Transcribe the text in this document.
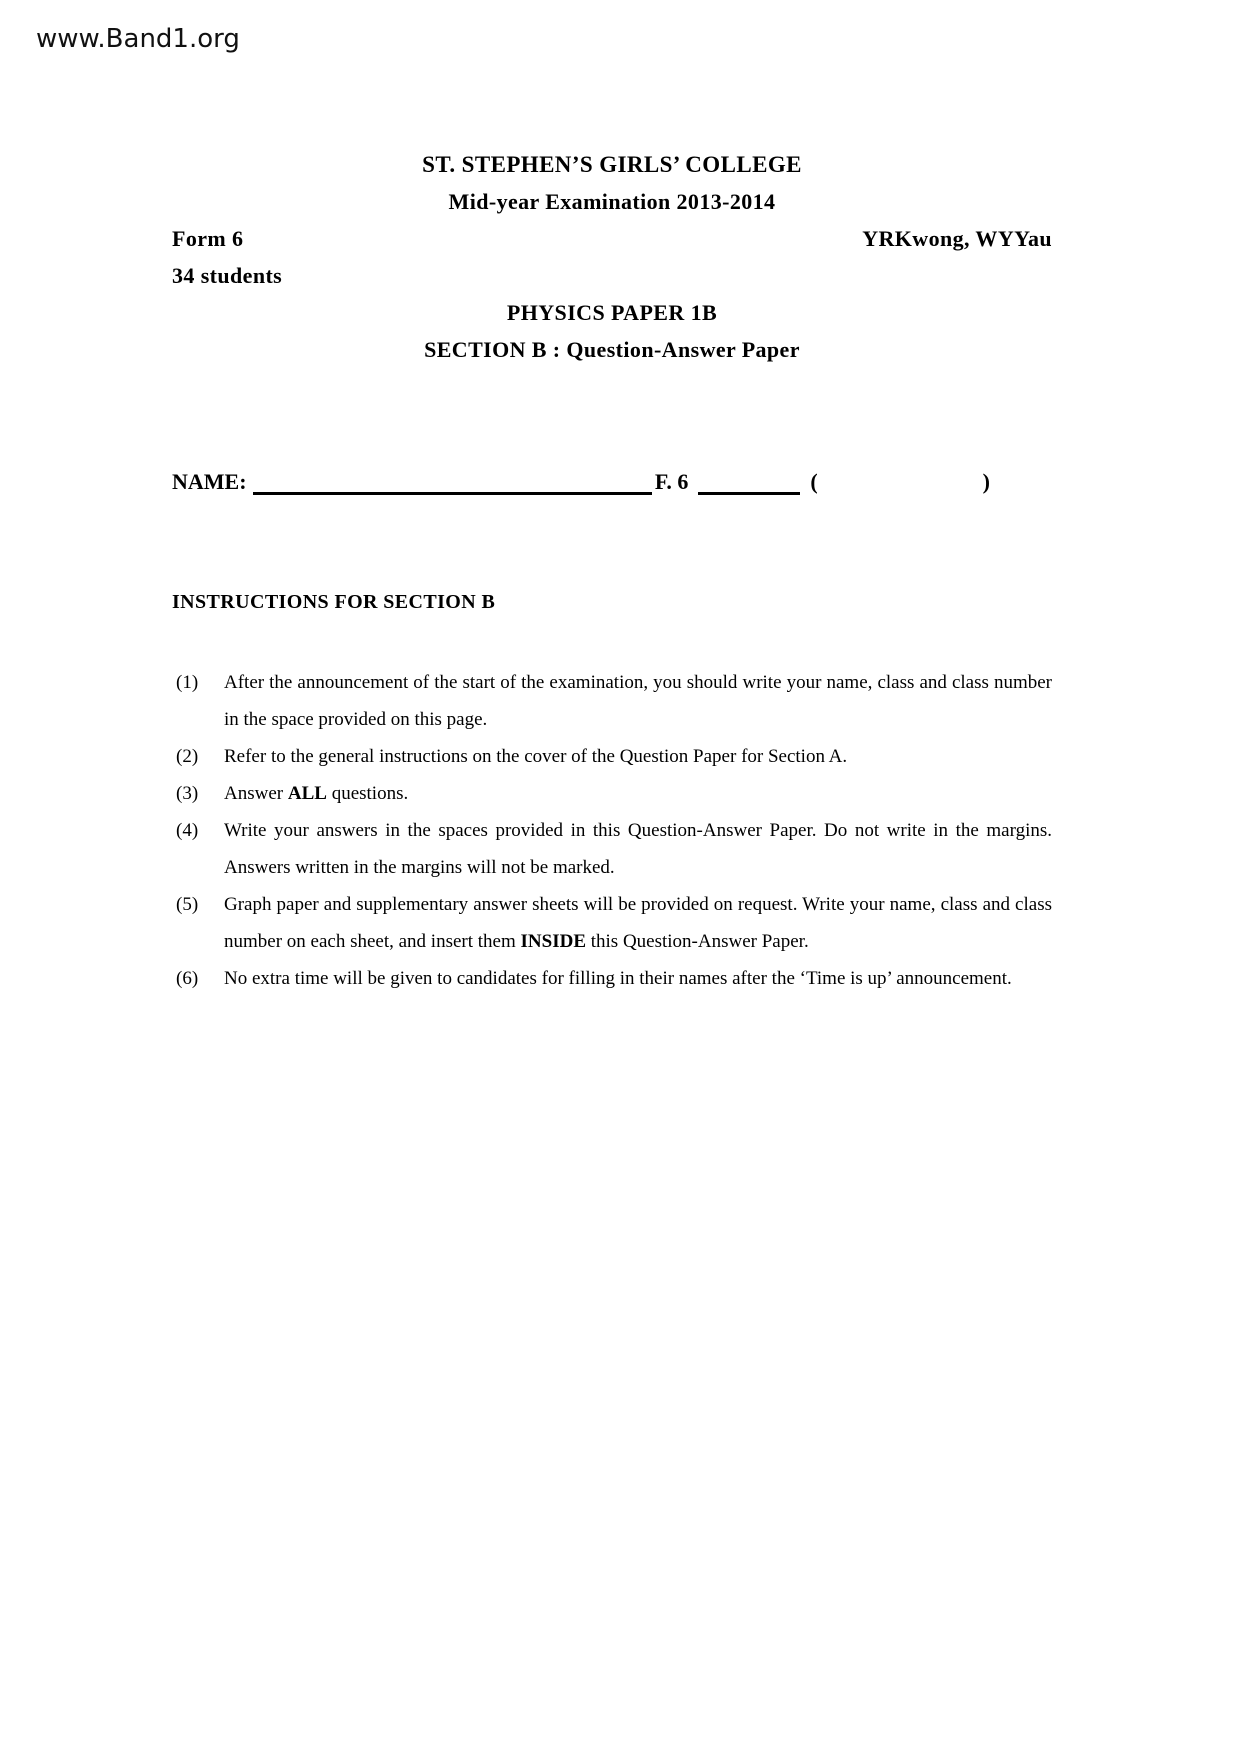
www.Band1.org
ST. STEPHEN’S GIRLS’ COLLEGE
Mid-year Examination 2013-2014
Form 6	YRKwong, WYYau
34 students
PHYSICS PAPER 1B
SECTION B : Question-Answer Paper
NAME:	F. 6	(	)
INSTRUCTIONS FOR SECTION B
(1)	After the announcement of the start of the examination, you should write your name, class and class number in the space provided on this page.

(2)	Refer to the general instructions on the cover of the Question Paper for Section A.

(3)	Answer ALL questions.

(4)	Write your answers in the spaces provided in this Question-Answer Paper. Do not write in the margins. Answers written in the margins will not be marked.

(5)	Graph paper and supplementary answer sheets will be provided on request. Write your name, class and class number on each sheet, and insert them INSIDE this Question-Answer Paper.

(6)	No extra time will be given to candidates for filling in their names after the ‘Time is up’ announcement.
